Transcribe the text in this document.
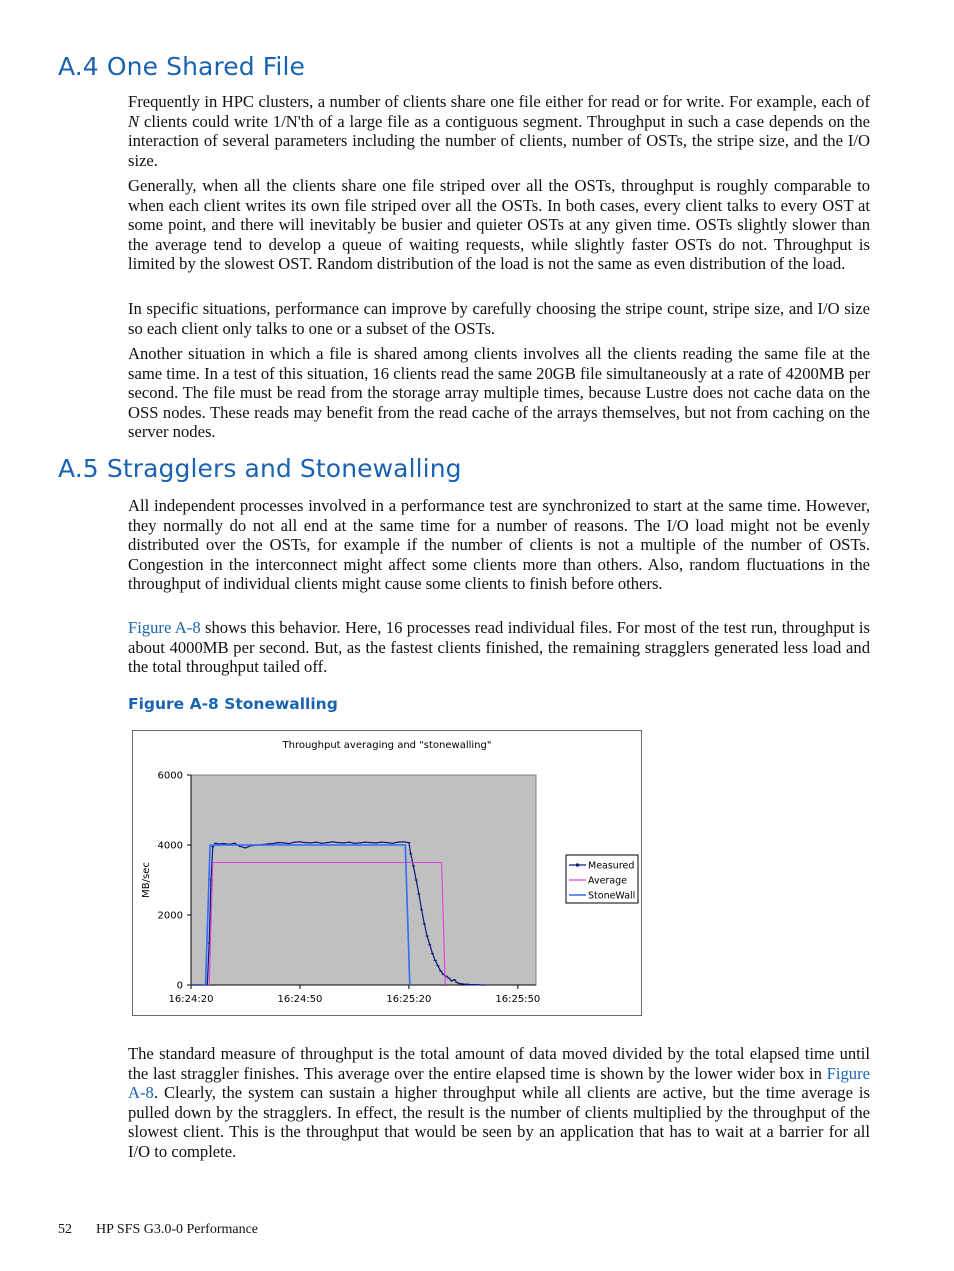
A.4 One Shared File

Frequently in HPC clusters, a number of clients share one file either for read or for write. For example, each of N clients could write 1/N'th of a large file as a contiguous segment. Throughput in such a case depends on the interaction of several parameters including the number of clients, number of OSTs, the stripe size, and the I/O size.

Generally, when all the clients share one file striped over all the OSTs, throughput is roughly comparable to when each client writes its own file striped over all the OSTs. In both cases, every client talks to every OST at some point, and there will inevitably be busier and quieter OSTs at any given time. OSTs slightly slower than the average tend to develop a queue of waiting requests, while slightly faster OSTs do not. Throughput is limited by the slowest OST. Random distribution of the load is not the same as even distribution of the load.

In specific situations, performance can improve by carefully choosing the stripe count, stripe size, and I/O size so each client only talks to one or a subset of the OSTs.

Another situation in which a file is shared among clients involves all the clients reading the same file at the same time. In a test of this situation, 16 clients read the same 20GB file simultaneously at a rate of 4200MB per second. The file must be read from the storage array multiple times, because Lustre does not cache data on the OSS nodes. These reads may benefit from the read cache of the arrays themselves, but not from caching on the server nodes.

A.5 Stragglers and Stonewalling

All independent processes involved in a performance test are synchronized to start at the same time. However, they normally do not all end at the same time for a number of reasons. The I/O load might not be evenly distributed over the OSTs, for example if the number of clients is not a multiple of the number of OSTs. Congestion in the interconnect might affect some clients more than others. Also, random fluctuations in the throughput of individual clients might cause some clients to finish before others.

Figure A-8 shows this behavior. Here, 16 processes read individual files. For most of the test run, throughput is about 4000MB per second. But, as the fastest clients finished, the remaining stragglers generated less load and the total throughput tailed off.

Figure A-8 Stonewalling
Throughput averaging and "stonewalling"
0
2000
4000
6000
16:24:20	16:24:50	16:25:20	16:25:50
MB/sec	Measured
Average
StoneWall

The standard measure of throughput is the total amount of data moved divided by the total elapsed time until the last straggler finishes. This average over the entire elapsed time is shown by the lower wider box in Figure A-8. Clearly, the system can sustain a higher throughput while all clients are active, but the time average is pulled down by the stragglers. In effect, the result is the number of clients multiplied by the throughput of the slowest client. This is the throughput that would be seen by an application that has to wait at a barrier for all I/O to complete.

52 HP SFS G3.0-0 Performance
